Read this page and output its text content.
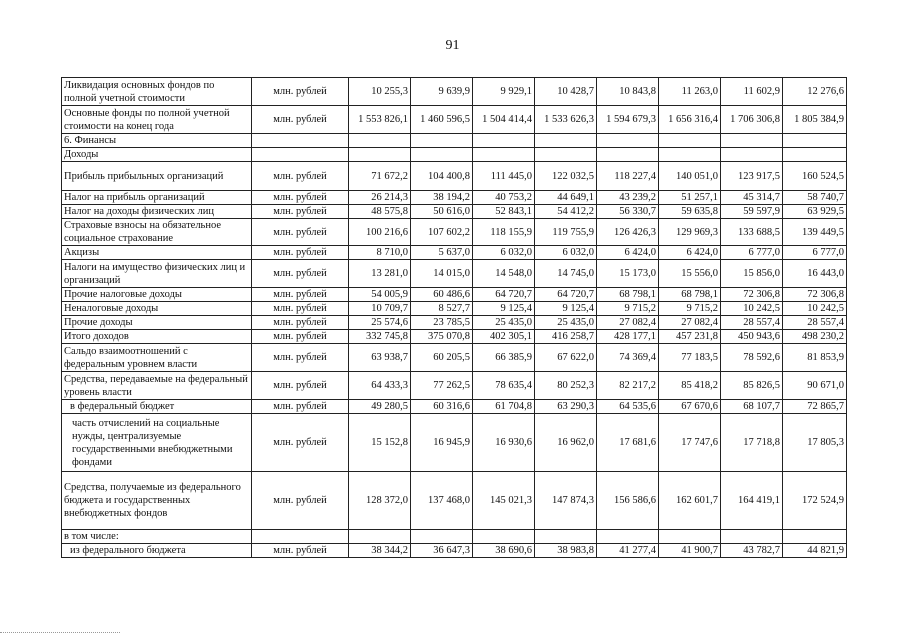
91
Ликвидация основных фондов по полной учетной стоимости	млн. рублей	10 255,3	9 639,9	9 929,1	10 428,7	10 843,8	11 263,0	11 602,9	12 276,6
Основные фонды по полной учетной стоимости на конец года	млн. рублей	1 553 826,1	1 460 596,5	1 504 414,4	1 533 626,3	1 594 679,3	1 656 316,4	1 706 306,8	1 805 384,9
6. Финансы									
Доходы									
Прибыль прибыльных организаций	млн. рублей	71 672,2	104 400,8	111 445,0	122 032,5	118 227,4	140 051,0	123 917,5	160 524,5
Налог на прибыль организаций	млн. рублей	26 214,3	38 194,2	40 753,2	44 649,1	43 239,2	51 257,1	45 314,7	58 740,7
Налог на доходы физических лиц	млн. рублей	48 575,8	50 616,0	52 843,1	54 412,2	56 330,7	59 635,8	59 597,9	63 929,5
Страховые взносы на обязательное социальное страхование	млн. рублей	100 216,6	107 602,2	118 155,9	119 755,9	126 426,3	129 969,3	133 688,5	139 449,5
Акцизы	млн. рублей	8 710,0	5 637,0	6 032,0	6 032,0	6 424,0	6 424,0	6 777,0	6 777,0
Налоги на имущество физических лиц и организаций	млн. рублей	13 281,0	14 015,0	14 548,0	14 745,0	15 173,0	15 556,0	15 856,0	16 443,0
Прочие налоговые доходы	млн. рублей	54 005,9	60 486,6	64 720,7	64 720,7	68 798,1	68 798,1	72 306,8	72 306,8
Неналоговые доходы	млн. рублей	10 709,7	8 527,7	9 125,4	9 125,4	9 715,2	9 715,2	10 242,5	10 242,5
Прочие доходы	млн. рублей	25 574,6	23 785,5	25 435,0	25 435,0	27 082,4	27 082,4	28 557,4	28 557,4
Итого доходов	млн. рублей	332 745,8	375 070,8	402 305,1	416 258,7	428 177,1	457 231,8	450 943,6	498 230,2
Сальдо взаимоотношений с федеральным уровнем власти	млн. рублей	63 938,7	60 205,5	66 385,9	67 622,0	74 369,4	77 183,5	78 592,6	81 853,9
Средства, передаваемые на федеральный уровень власти	млн. рублей	64 433,3	77 262,5	78 635,4	80 252,3	82 217,2	85 418,2	85 826,5	90 671,0
в федеральный бюджет	млн. рублей	49 280,5	60 316,6	61 704,8	63 290,3	64 535,6	67 670,6	68 107,7	72 865,7
часть отчислений на социальные нужды, централизуемые государственными внебюджетными фондами	млн. рублей	15 152,8	16 945,9	16 930,6	16 962,0	17 681,6	17 747,6	17 718,8	17 805,3
Средства, получаемые из федерального бюджета и государственных внебюджетных фондов	млн. рублей	128 372,0	137 468,0	145 021,3	147 874,3	156 586,6	162 601,7	164 419,1	172 524,9
в том числе:									
из федерального бюджета	млн. рублей	38 344,2	36 647,3	38 690,6	38 983,8	41 277,4	41 900,7	43 782,7	44 821,9
